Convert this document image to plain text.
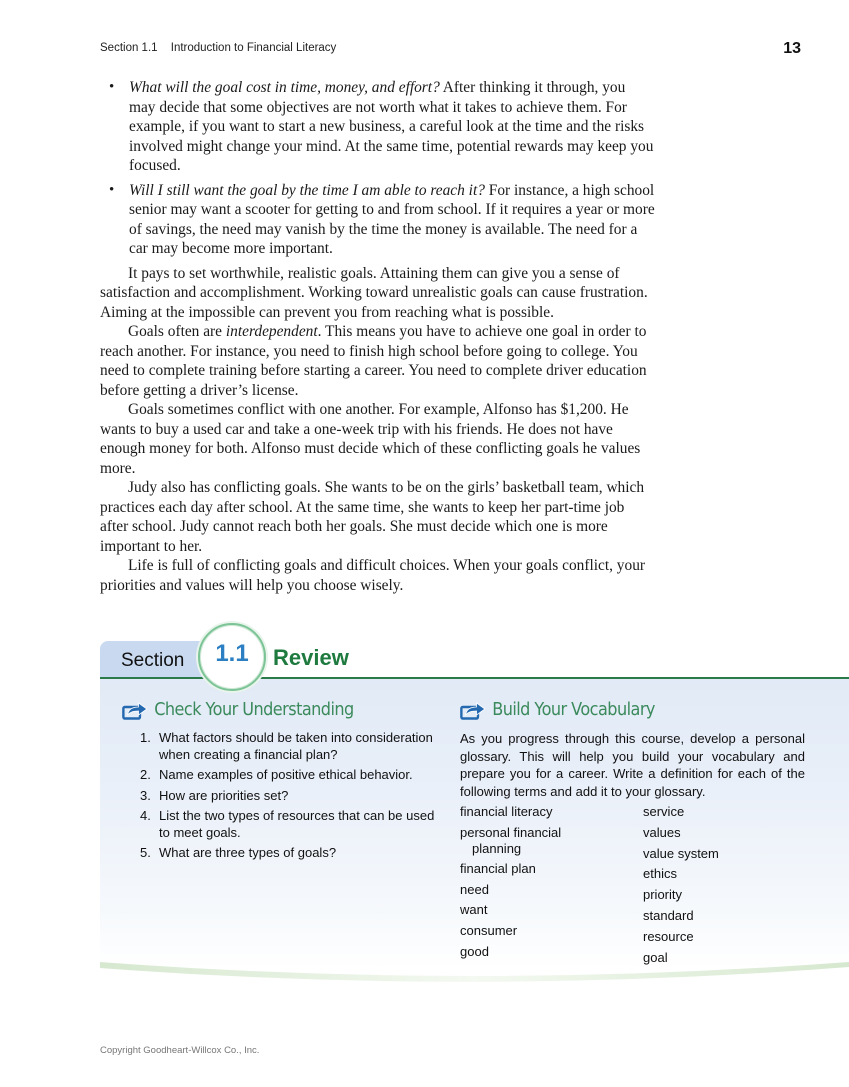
Section 1.1 Introduction to Financial Literacy	13
• What will the goal cost in time, money, and effort? After thinking it through, you may decide that some objectives are not worth what it takes to achieve them. For example, if you want to start a new business, a careful look at the time and the risks involved might change your mind. At the same time, potential rewards may keep you focused.
• Will I still want the goal by the time I am able to reach it? For instance, a high school senior may want a scooter for getting to and from school. If it requires a year or more of savings, the need may vanish by the time the money is available. The need for a car may become more important.

It pays to set worthwhile, realistic goals. Attaining them can give you a sense of satisfaction and accomplishment. Working toward unrealistic goals can cause frustration. Aiming at the impossible can prevent you from reaching what is possible.

Goals often are interdependent. This means you have to achieve one goal in order to reach another. For instance, you need to finish high school before going to college. You need to complete training before starting a career. You need to complete driver education before getting a driver’s license.

Goals sometimes conflict with one another. For example, Alfonso has $1,200. He wants to buy a used car and take a one-week trip with his friends. He does not have enough money for both. Alfonso must decide which of these conflicting goals he values more.

Judy also has conflicting goals. She wants to be on the girls’ basketball team, which practices each day after school. At the same time, she wants to keep her part-time job after school. Judy cannot reach both her goals. She must decide which one is more important to her.

Life is full of conflicting goals and difficult choices. When your goals conflict, your priorities and values will help you choose wisely.

Section	1.1	Review
Check Your Understanding
1. What factors should be taken into consideration when creating a financial plan?
2. Name examples of positive ethical behavior.
3. How are priorities set?
4. List the two types of resources that can be used to meet goals.
5. What are three types of goals?
Build Your Vocabulary

As you progress through this course, develop a personal glossary. This will help you build your vocabulary and prepare you for a career. Write a definition for each of the following terms and add it to your glossary.

financial literacy
personal financial
planning
financial plan
need
want
consumer
good
service
values
value system
ethics
priority
standard
resource
goal
Copyright Goodheart-Willcox Co., Inc.
